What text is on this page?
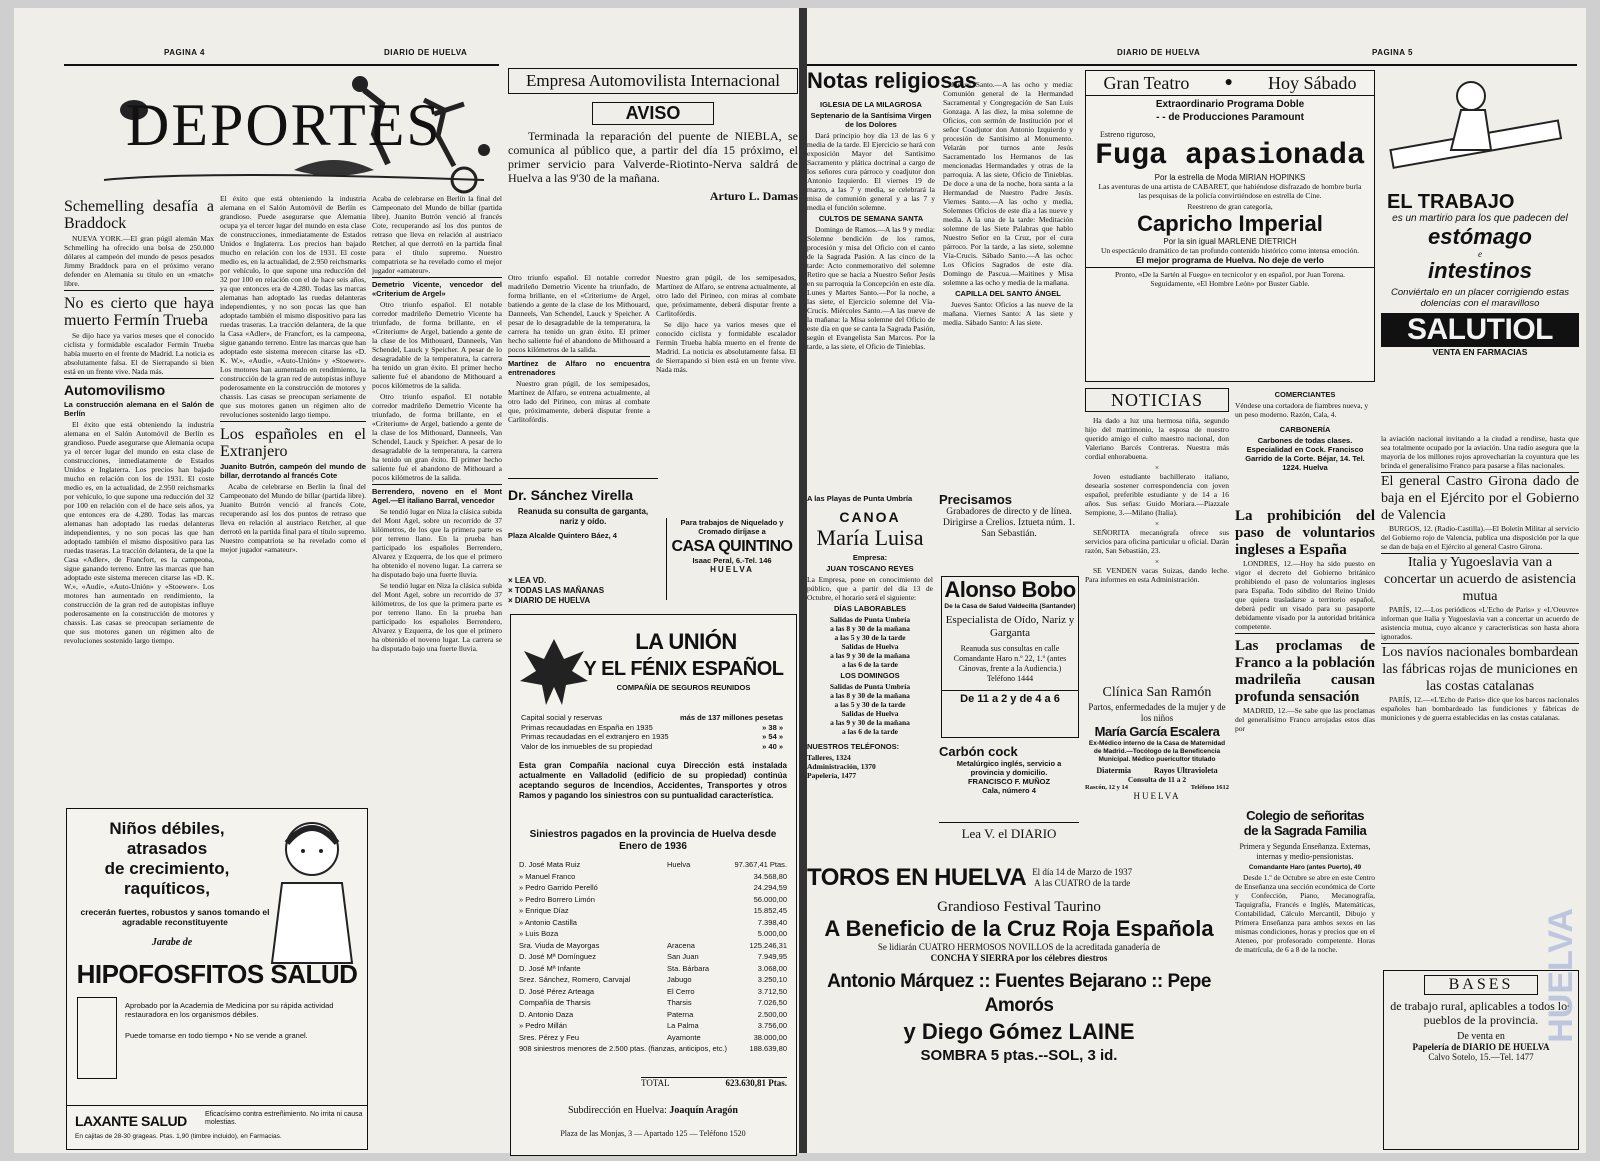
PAGINA 4	DIARIO DE HUELVA
DEPORTES
Schemelling desafía a Braddock

NUEVA YORK.—El gran púgil alemán Max Schmelling ha ofrecido una bolsa de 250.000 dólares al campeón del mundo de pesos pesados Jimmy Braddock para en el próximo verano defender en Alemania su título en un «match» libre.

No es cierto que haya muerto Fermín Trueba

Se dijo hace ya varios meses que el conocido ciclista y formidable escalador Fermín Trueba había muerto en el frente de Madrid. La noticia es absolutamente falsa. El de Sierrapando si bien está en un frente vive. Nada más.

Automovilismo
La construcción alemana en el Salón de Berlín

El éxito que está obteniendo la industria alemana en el Salón Automóvil de Berlín es grandioso. Puede asegurarse que Alemania ocupa ya el tercer lugar del mundo en esta clase de construcciones, inmediatamente de Estados Unidos e Inglaterra. Los precios han bajado mucho en relación con los de 1931. El coste medio es, en la actualidad, de 2.950 reichsmarks por vehículo, lo que supone una reducción del 32 por 100 en relación con el de hace seis años, ya que entonces era de 4.280. Todas las marcas alemanas han adoptado las ruedas delanteras independientes, y no son pocas las que han adoptado también el mismo dispositivo para las ruedas traseras. La tracción delantera, de la que la Casa «Adler», de Francfort, es la campeona, sigue ganando terreno. Entre las marcas que han adoptado este sistema merecen citarse las «D. K. W.», «Audi», «Auto-Unión» y «Stoewer». Los motores han aumentado en rendimiento, la construcción de la gran red de autopistas influye poderosamente en la construcción de motores y chassis. Las casas se preocupan seriamente de que sus motores ganen un régimen alto de revoluciones sostenido largo tiempo.

El éxito que está obteniendo la industria alemana en el Salón Automóvil de Berlín es grandioso. Puede asegurarse que Alemania ocupa ya el tercer lugar del mundo en esta clase de construcciones, inmediatamente de Estados Unidos e Inglaterra. Los precios han bajado mucho en relación con los de 1931. El coste medio es, en la actualidad, de 2.950 reichsmarks por vehículo, lo que supone una reducción del 32 por 100 en relación con el de hace seis años, ya que entonces era de 4.280. Todas las marcas alemanas han adoptado las ruedas delanteras independientes, y no son pocas las que han adoptado también el mismo dispositivo para las ruedas traseras. La tracción delantera, de la que la Casa «Adler», de Francfort, es la campeona, sigue ganando terreno. Entre las marcas que han adoptado este sistema merecen citarse las «D. K. W.», «Audi», «Auto-Unión» y «Stoewer». Los motores han aumentado en rendimiento, la construcción de la gran red de autopistas influye poderosamente en la construcción de motores y chassis. Las casas se preocupan seriamente de que sus motores ganen un régimen alto de revoluciones sostenido largo tiempo.

Los españoles en el Extranjero
Juanito Butrón, campeón del mundo de billar, derrotando al francés Cote

Acaba de celebrarse en Berlín la final del Campeonato del Mundo de billar (partida libre). Juanito Butrón venció al francés Cote, recuperando así los dos puntos de retraso que lleva en relación al austriaco Retcher, al que derrotó en la partida final para el título supremo. Nuestro compatriota se ha revelado como el mejor jugador «amateur».

Acaba de celebrarse en Berlín la final del Campeonato del Mundo de billar (partida libre). Juanito Butrón venció al francés Cote, recuperando así los dos puntos de retraso que lleva en relación al austriaco Retcher, al que derrotó en la partida final para el título supremo. Nuestro compatriota se ha revelado como el mejor jugador «amateur».

Demetrio Vicente, vencedor del «Criterium de Argel»

Otro triunfo español. El notable corredor madrileño Demetrio Vicente ha triunfado, de forma brillante, en el «Criterium» de Argel, batiendo a gente de la clase de los Mithouard, Danneels, Van Schendel, Lauck y Speicher. A pesar de lo desagradable de la temperatura, la carrera ha tenido un gran éxito. El primer hecho saliente fué el abandono de Mithouard a pocos kilómetros de la salida.

Otro triunfo español. El notable corredor madrileño Demetrio Vicente ha triunfado, de forma brillante, en el «Criterium» de Argel, batiendo a gente de la clase de los Mithouard, Danneels, Van Schendel, Lauck y Speicher. A pesar de lo desagradable de la temperatura, la carrera ha tenido un gran éxito. El primer hecho saliente fué el abandono de Mithouard a pocos kilómetros de la salida.

Berrendero, noveno en el Mont Agel.—El italiano Barral, vencedor

Se tendió lugar en Niza la clásica subida del Mont Agel, sobre un recorrido de 37 kilómetros, de los que la primera parte es por terreno llano. En la prueba han participado los españoles Berrendero, Alvarez y Ezquerra, de los que el primero ha obtenido el noveno lugar. La carrera se ha disputado bajo una fuerte lluvia.

Se tendió lugar en Niza la clásica subida del Mont Agel, sobre un recorrido de 37 kilómetros, de los que la primera parte es por terreno llano. En la prueba han participado los españoles Berrendero, Alvarez y Ezquerra, de los que el primero ha obtenido el noveno lugar. La carrera se ha disputado bajo una fuerte lluvia.

Niños débiles,
atrasados
de crecimiento,
raquíticos,
crecerán fuertes, robustos y sanos tomando el agradable reconstituyente
Jarabe de
HIPOFOSFITOS SALUD
Aprobado por la Academia de Medicina por su rápida actividad restauradora en los organismos débiles.
Puede tomarse en todo tiempo • No se vende a granel.
LAXANTE SALUD	Eficacísimo contra estreñimiento. No irrita ni causa molestias.
En cajitas de 28-30 grageas. Ptas. 1,90 (timbre incluido), en Farmacias.
Empresa Automovilista Internacional
AVISO
Terminada la reparación del puente de NIEBLA, se comunica al público que, a partir del día 15 próximo, el primer servicio para Valverde-Riotinto-Nerva saldrá de Huelva a las 9'30 de la mañana.
Arturo L. Damas

Otro triunfo español. El notable corredor madrileño Demetrio Vicente ha triunfado, de forma brillante, en el «Criterium» de Argel, batiendo a gente de la clase de los Mithouard, Danneels, Van Schendel, Lauck y Speicher. A pesar de lo desagradable de la temperatura, la carrera ha tenido un gran éxito. El primer hecho saliente fué el abandono de Mithouard a pocos kilómetros de la salida.

Martínez de Alfaro no encuentra entrenadores

Nuestro gran púgil, de los semipesados, Martínez de Alfaro, se entrena actualmente, al otro lado del Pirineo, con miras al combate que, próximamente, deberá disputar frente a Carlitofórdis.

Nuestro gran púgil, de los semipesados, Martínez de Alfaro, se entrena actualmente, al otro lado del Pirineo, con miras al combate que, próximamente, deberá disputar frente a Carlitofórdis.

Se dijo hace ya varios meses que el conocido ciclista y formidable escalador Fermín Trueba había muerto en el frente de Madrid. La noticia es absolutamente falsa. El de Sierrapando si bien está en un frente vive. Nada más.

Dr. Sánchez Virella
Reanuda su consulta de garganta, nariz y oído.
Plaza Alcalde Quintero Báez, 4
Para trabajos de Niquelado y Cromado diríjase a
CASA QUINTINO
Isaac Peral, 6.-Tel. 146
HUELVA
× LEA VD.
× TODAS LAS MAÑANAS
× DIARIO DE HUELVA
LA UNIÓN
Y EL FÉNIX ESPAÑOL
COMPAÑÍA DE SEGUROS REUNIDOS
Capital social y reservas	más de 137 millones pesetas
Primas recaudadas en España en 1935	» 38 »
Primas recaudadas en el extranjero en 1935	» 54 »
Valor de los inmuebles de su propiedad	» 40 »
Esta gran Compañía nacional cuya Dirección está instalada actualmente en Valladolid (edificio de su propiedad) continúa aceptando seguros de Incendios, Accidentes, Transportes y otros Ramos y pagando los siniestros con su puntualidad característica.
Siniestros pagados en la provincia de Huelva desde Enero de 1936
D. José Mata Ruiz	Huelva	97.367,41 Ptas.
» Manuel Franco	34.568,80
» Pedro Garrido Perelló	24.294,59
» Pedro Borrero Limón	56.000,00
» Enrique Díaz	15.852,45
» Antonio Castilla	7.398,40
» Luis Boza	5.000,00
Sra. Viuda de Mayorgas	Aracena	125.246,31
D. José Mª Domínguez	San Juan	7.949,95
D. José Mª Infante	Sta. Bárbara	3.068,00
Srez. Sánchez, Romero, Carvajal	Jabugo	3.250,10
D. José Pérez Arteaga	El Cerro	3.712,50
Compañía de Tharsis	Tharsis	7.026,50
D. Antonio Daza	Paterna	2.500,00
» Pedro Millán	La Palma	3.756,00
Sres. Pérez y Feu	Ayamonte	38.000,00
908 siniestros menores de 2.500 ptas. (fianzas, anticipos, etc.)	188.639,80
TOTAL	623.630,81 Ptas.
Subdirección en Huelva: Joaquín Aragón
Plaza de las Monjas, 3 — Apartado 125 — Teléfono 1520
DIARIO DE HUELVA	PAGINA 5
Notas religiosas
IGLESIA DE LA MILAGROSA
Septenario de la Santísima Virgen de los Dolores

Dará principio hoy día 13 de las 6 y media de la tarde. El Ejercicio se hará con exposición Mayor del Santísimo Sacramento y plática doctrinal a cargo de los señores cura párroco y coadjutor don Antonio Izquierdo. El viernes 19 de marzo, a las 7 y media, se celebrará la misa de comunión general y a las 7 y media el función solemne.

CULTOS DE SEMANA SANTA

Domingo de Ramos.—A las 9 y media: Solemne bendición de los ramos, procesión y misa del Oficio con el canto de la Sagrada Pasión. A las cinco de la tarde: Acto conmemorativo del solemne Retiro que se hacía a Nuestro Señor Jesús en su parroquia la Concepción en este día. Lunes y Martes Santo.—Por la noche, a las siete, el Ejercicio solemne del Vía-Crucis. Miércoles Santo.—A las nueve de la mañana: la Misa solemne del Oficio de este día en que se canta la Sagrada Pasión, según el Evangelista San Marcos. Por la tarde, a las siete, el Oficio de Tinieblas.

Jueves Santo.—A las ocho y media: Comunión general de la Hermandad Sacramental y Congregación de San Luis Gonzaga. A las diez, la misa solemne de Oficios, con sermón de Institución por el señor Coadjutor don Antonio Izquierdo y procesión de Santísimo al Monumento. Velarán por turnos ante Jesús Sacramentado los Hermanos de las mencionadas Hermandades y otras de la parroquia. A las siete, Oficio de Tinieblas. De doce a una de la noche, hora santa a la Hermandad de Nuestro Padre Jesús. Viernes Santo.—A las ocho y media, Solemnes Oficios de este día a las nueve y media. A la una de la tarde: Meditación solemne de las Siete Palabras que hablo Nuestro Señor en la Cruz, por el cura párroco. Por la tarde, a las siete, solemne Vía-Crucis. Sábado Santo.—A las ocho: Los Oficios Sagrados de este día. Domingo de Pascua.—Maitines y Misa solemne a las ocho y media de la mañana.

CAPILLA DEL SANTO ÁNGEL

Jueves Santo: Oficios a las nueve de la mañana. Viernes Santo: A las siete y media. Sábado Santo: A las siete.

Gran Teatro	● Hoy Sábado
Extraordinario Programa Doble
- - de Producciones Paramount
Estreno riguroso,
Fuga apasionada
Por la estrella de Moda MIRIAN HOPINKS
Las aventuras de una artista de CABARET, que habiéndose disfrazado de hombre burla las pesquisas de la policía convirtiéndose en estrella de Cine.
Reestreno de gran categoría,
Capricho Imperial
Por la sin igual MARLENE DIETRICH
Un espectáculo dramático de tan profundo contenido histórico como intensa emoción.
El mejor programa de Huelva. No deje de verlo
Pronto, «De la Sartén al Fuego» en tecnicolor y en español, por Juan Torena. Seguidamente, «El Hombre León» por Buster Gable.
EL TRABAJO
es un martirio para los que padecen del
estómago
e
intestinos
Conviértalo en un placer corrigiendo estas dolencias con el maravilloso
SALUTIOL
VENTA EN FARMACIAS
NOTICIAS

Ha dado a luz una hermosa niña, segundo hijo del matrimonio, la esposa de nuestro querido amigo el culto maestro nacional, don Valeriano Barcés Contreras. Nuestra más cordial enhorabuena.

×

Joven estudiante bachillerato italiano, desearía sostener correspondencia con joven español, preferible estudiante y de 14 a 16 años. Sus señas: Guido Moriara.—Piazzale Sempione, 3.—Milano (Italia).

×

SEÑORITA mecanógrafa ofrece sus servicios para oficina particular u oficial. Darán razón, San Sebastián, 23.

×

SE VENDEN vacas Suizas, dando leche. Para informes en esta Administración.

COMERCIANTES
Véndese una cortadora de fiambres nueva, y un peso moderno. Razón, Cala, 4.
CARBONERÍA
Carbones de todas clases. Especialidad en Cock. Francisco Garrido de la Corte. Béjar, 14. Tel. 1224. Huelva
La prohibición del paso de voluntarios ingleses a España

LONDRES, 12.—Hoy ha sido puesto en vigor el decreto del Gobierno británico prohibiendo el paso de voluntarios ingleses para España. Todo súbdito del Reino Unido que quiera trasladarse a territorio español, deberá pedir un visado para su pasaporte debidamente visado por la autoridad británica competente.

Las proclamas de Franco a la población madrileña causan profunda sensación

MADRID, 12.—Se sabe que las proclamas del generalísimo Franco arrojadas estos días por

la aviación nacional invitando a la ciudad a rendirse, hasta que sea totalmente ocupado por la aviación. Una radio asegura que la mayoría de los millones rojos aprovecharían la coyuntura que les brinda el generalísimo Franco para pasarse a filas nacionales.

El general Castro Girona dado de baja en el Ejército por el Gobierno de Valencia

BURGOS, 12. (Radio-Castilla).—El Boletín Militar al servicio del Gobierno rojo de Valencia, publica una disposición por la que se dan de baja en el Ejército al general Castro Girona.

Italia y Yugoeslavia van a concertar un acuerdo de asistencia mutua

PARÍS, 12.—Los periódicos «L'Echo de Paris» y «L'Oeuvre» informan que Italia y Yugoeslavia van a concertar un acuerdo de asistencia mutua, cuyo alcance y características son hasta ahora ignorados.

Los navíos nacionales bombardean las fábricas rojas de municiones en las costas catalanas

PARÍS, 12.—«L'Echo de Paris» dice que los barcos nacionales españoles han bombardeado las fundiciones y fábricas de municiones y de guerra establecidas en las costas catalanas.

BASES
de trabajo rural, aplicables a todos los pueblos de la provincia.
De venta en
Papelería de DIARIO DE HUELVA
Calvo Sotelo, 15.—Tel. 1477
A las Playas de Punta Umbría
CANOA
María Luisa
Empresa:
JUAN TOSCANO REYES
La Empresa, pone en conocimiento del público, que a partir del día 13 de Octubre, el horario será el siguiente:
DÍAS LABORABLES
Salidas de Punta Umbría
a las 8 y 30 de la mañana
a las 5 y 30 de la tarde
Salidas de Huelva
a las 9 y 30 de la mañana
a las 6 de la tarde
LOS DOMINGOS
Salidas de Punta Umbría
a las 8 y 30 de la mañana
a las 5 y 30 de la tarde
Salidas de Huelva
a las 9 y 30 de la mañana
a las 6 de la tarde
NUESTROS TELÉFONOS:
Talleres, 1324
Administración, 1370
Papelería, 1477
Precisamos
Grabadores de directo y de línea. Dirigirse a Crelios. Iztueta núm. 1. San Sebastián.
Alonso Bobo
De la Casa de Salud Valdecilla (Santander)
Especialista de Oído, Nariz y Garganta
Reanuda sus consultas en calle Comandante Haro n.º 22, 1.º (antes Cánovas, frente a la Audiencia.) Teléfono 1444
De 11 a 2 y de 4 a 6
Carbón cock
Metalúrgico inglés, servicio a provincia y domicilio.
FRANCISCO F. MUÑOZ
Cala, número 4
Lea V. el DIARIO
Clínica San Ramón
Partos, enfermedades de la mujer y de los niños
María García Escalera
Ex-Médico interno de la Casa de Maternidad de Madrid.—Tocólogo de la Beneficencia Municipal. Médico puericultor titulado
Diatermia	Rayos Ultravioleta
Consulta de 11 a 2
Rascón, 12 y 14	Teléfono 1612
HUELVA
Colegio de señoritas
de la Sagrada Familia
Primera y Segunda Enseñanza. Externas, internas y medio-pensionistas.
Comandante Haro (antes Puerto), 49
Desde 1.º de Octubre se abre en este Centro de Enseñanza una sección económica de Corte y Confección, Piano, Mecanografía, Taquigrafía, Francés e Inglés, Matemáticas, Contabilidad, Cálculo Mercantil, Dibujo y Primera Enseñanza para ambos sexos en las mismas condiciones, horas y precios que en el Ateneo, por profesorado competente. Horas de matrícula, de 6 a 8 de la noche.
TOROS EN HUELVA El día 14 de Marzo de 1937
A las CUATRO de la tarde
Grandioso Festival Taurino
A Beneficio de la Cruz Roja Española
Se lidiarán CUATRO HERMOSOS NOVILLOS de la acreditada ganadería de
CONCHA Y SIERRA por los célebres diestros
Antonio Márquez :: Fuentes Bejarano :: Pepe Amorós
y Diego Gómez LAINE
SOMBRA 5 ptas.--SOL, 3 id.
HUELVA
